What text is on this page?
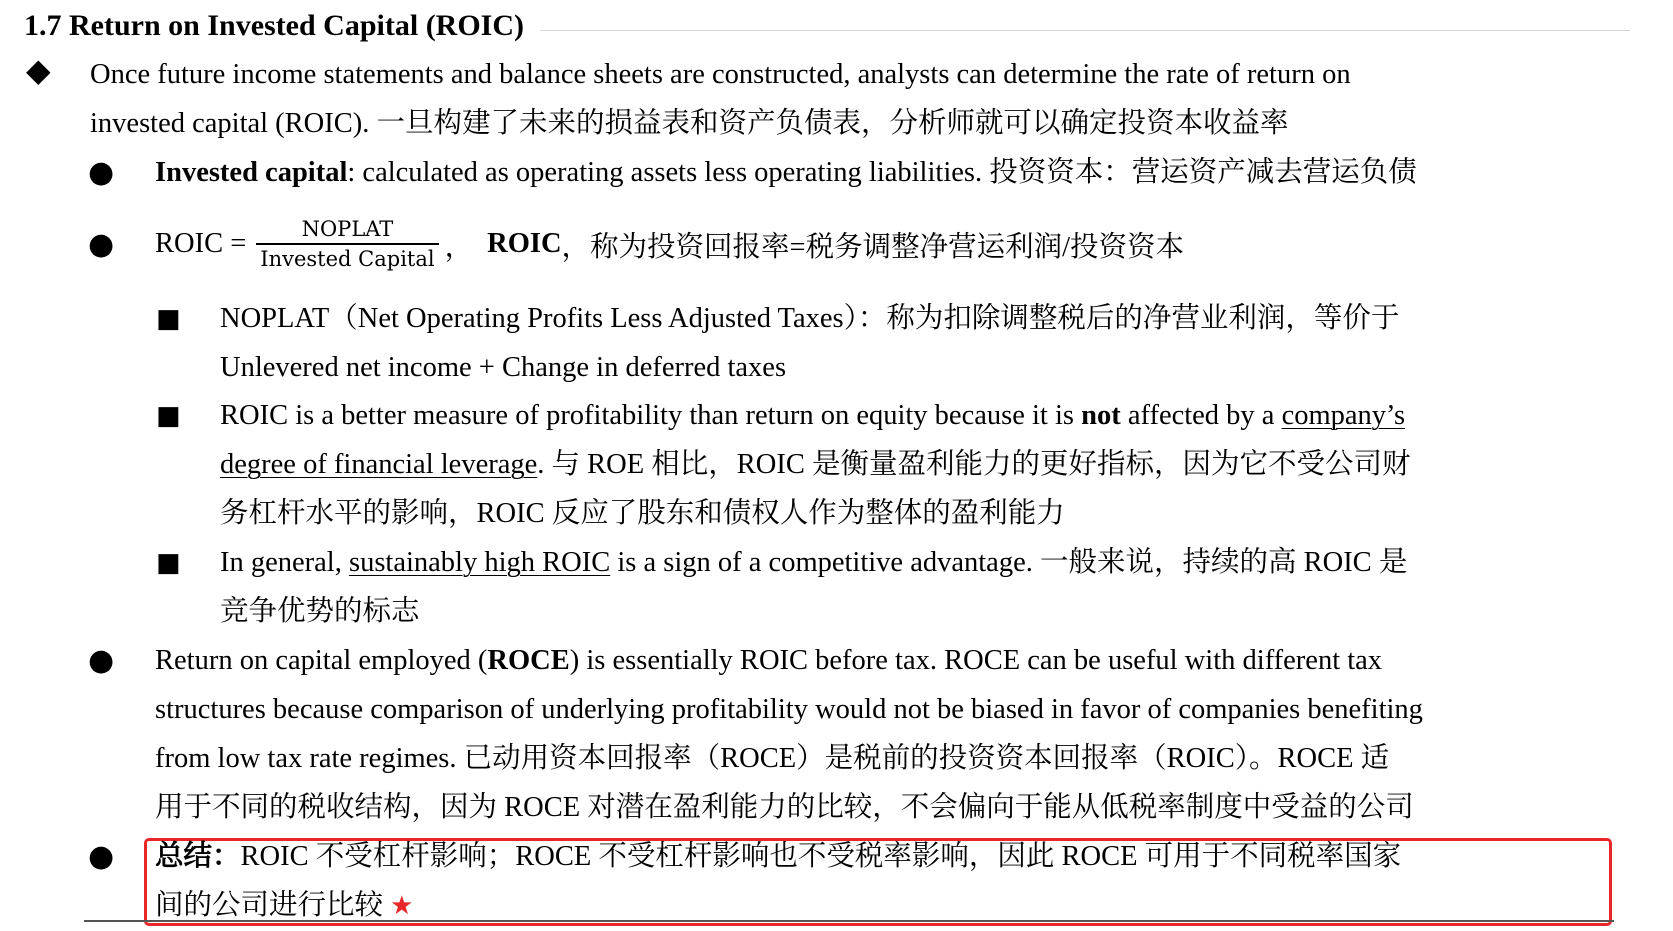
1.7 Return on Invested Capital (ROIC)
◆ Once future income statements and balance sheets are constructed, analysts can determine the rate of return on
invested capital (ROIC). 一旦构建了未来的损益表和资产负债表，分析师就可以确定投资本收益率
● Invested capital: calculated as operating assets less operating liabilities. 投资资本：营运资产减去营运负债
● ROIC = $\frac{\text{NOPLAT}}{\text{Invested Capital}}$ ， ROIC ，称为投资回报率=税务调整净营运利润/投资资本
■ NOPLAT（Net Operating Profits Less Adjusted Taxes）：称为扣除调整税后的净营业利润，等价于
Unlevered net income + Change in deferred taxes
■ ROIC is a better measure of profitability than return on equity because it is not affected by a company’s
degree of financial leverage. 与 ROE 相比，ROIC 是衡量盈利能力的更好指标，因为它不受公司财
务杠杆水平的影响，ROIC 反应了股东和债权人作为整体的盈利能力
■ In general, sustainably high ROIC is a sign of a competitive advantage. 一般来说，持续的高 ROIC 是
竞争优势的标志
● Return on capital employed (ROCE) is essentially ROIC before tax. ROCE can be useful with different tax
structures because comparison of underlying profitability would not be biased in favor of companies benefiting
from low tax rate regimes. 已动用资本回报率（ROCE）是税前的投资资本回报率（ROIC）。ROCE 适
用于不同的税收结构，因为 ROCE 对潜在盈利能力的比较，不会偏向于能从低税率制度中受益的公司
● 总结：ROIC 不受杠杆影响；ROCE 不受杠杆影响也不受税率影响，因此 ROCE 可用于不同税率国家
间的公司进行比较 ★
